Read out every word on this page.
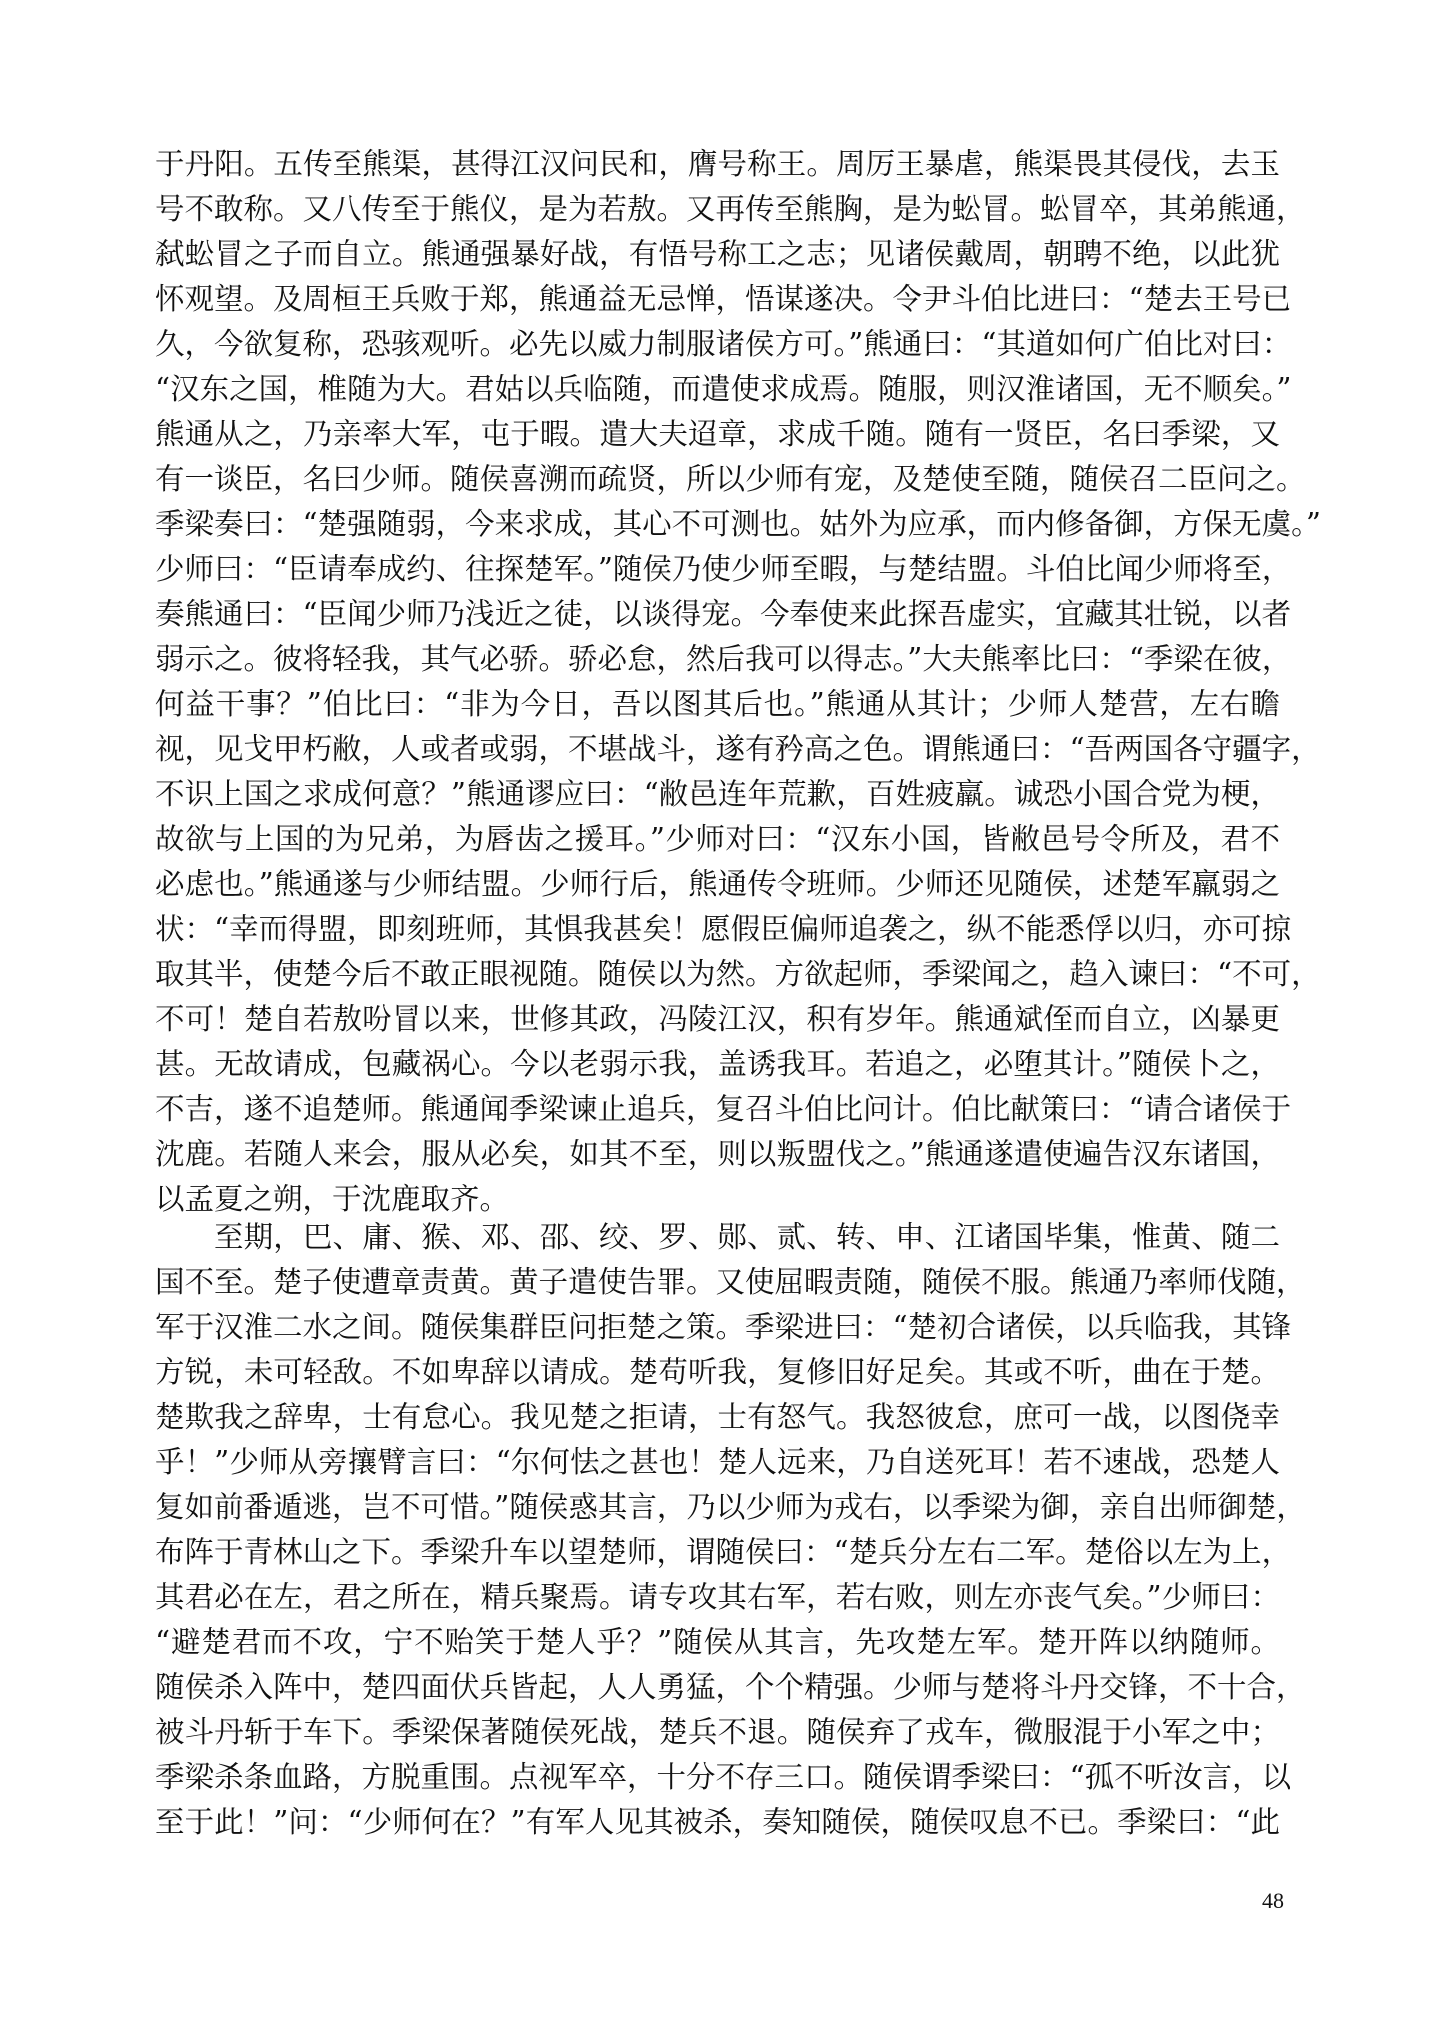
于丹阳。五传至熊渠，甚得江汉问民和，膺号称王。周厉王暴虐，熊渠畏其侵伐，去玉
号不敢称。又八传至于熊仪，是为若敖。又再传至熊胸，是为蚣冒。蚣冒卒，其弟熊通，
弑蚣冒之子而自立。熊通强暴好战，有悟号称工之志；见诸侯戴周，朝聘不绝，以此犹
怀观望。及周桓王兵败于郑，熊通益无忌惮，悟谋遂决。令尹斗伯比进曰：“楚去王号已
久，今欲复称，恐骇观听。必先以威力制服诸侯方可。”熊通曰：“其道如何广伯比对曰：
“汉东之国，椎随为大。君姑以兵临随，而遣使求成焉。随服，则汉淮诸国，无不顺矣。”
熊通从之，乃亲率大军，屯于暇。遣大夫迢章，求成千随。随有一贤臣，名曰季梁，又
有一谈臣，名曰少师。随侯喜溯而疏贤，所以少师有宠，及楚使至随，随侯召二臣问之。
季梁奏曰：“楚强随弱，今来求成，其心不可测也。姑外为应承，而内修备御，方保无虞。”
少师曰：“臣请奉成约、往探楚军。”随侯乃使少师至暇，与楚结盟。斗伯比闻少师将至，
奏熊通曰：“臣闻少师乃浅近之徒，以谈得宠。今奉使来此探吾虚实，宜藏其壮锐，以者
弱示之。彼将轻我，其气必骄。骄必怠，然后我可以得志。”大夫熊率比曰：“季梁在彼，
何益干事？”伯比曰：“非为今日，吾以图其后也。”熊通从其计；少师人楚营，左右瞻
视，见戈甲朽敝，人或者或弱，不堪战斗，遂有矜高之色。谓熊通曰：“吾两国各守疆字，
不识上国之求成何意？”熊通谬应曰：“敝邑连年荒歉，百姓疲羸。诚恐小国合党为梗，
故欲与上国的为兄弟，为唇齿之援耳。”少师对曰：“汉东小国，皆敝邑号令所及，君不
必虑也。”熊通遂与少师结盟。少师行后，熊通传令班师。少师还见随侯，述楚军羸弱之
状：“幸而得盟，即刻班师，其惧我甚矣！愿假臣偏师追袭之，纵不能悉俘以归，亦可掠
取其半，使楚今后不敢正眼视随。随侯以为然。方欲起师，季梁闻之，趋入谏曰：“不可，
不可！楚自若敖吩冒以来，世修其政，冯陵江汉，积有岁年。熊通斌侄而自立，凶暴更
甚。无故请成，包藏祸心。今以老弱示我，盖诱我耳。若追之，必堕其计。”随侯卜之，
不吉，遂不追楚师。熊通闻季梁谏止追兵，复召斗伯比问计。伯比献策曰：“请合诸侯于
沈鹿。若随人来会，服从必矣，如其不至，则以叛盟伐之。”熊通遂遣使遍告汉东诸国，
以孟夏之朔，于沈鹿取齐。
至期，巴、庸、猴、邓、邵、绞、罗、郧、贰、转、申、江诸国毕集，惟黄、随二
国不至。楚子使遭章责黄。黄子遣使告罪。又使屈暇责随，随侯不服。熊通乃率师伐随，
军于汉淮二水之间。随侯集群臣问拒楚之策。季梁进曰：“楚初合诸侯，以兵临我，其锋
方锐，未可轻敌。不如卑辞以请成。楚苟听我，复修旧好足矣。其或不听，曲在于楚。
楚欺我之辞卑，士有怠心。我见楚之拒请，士有怒气。我怒彼怠，庶可一战，以图侥幸
乎！”少师从旁攘臂言曰：“尔何怯之甚也！楚人远来，乃自送死耳！若不速战，恐楚人
复如前番遁逃，岂不可惜。”随侯惑其言，乃以少师为戎右，以季梁为御，亲自出师御楚，
布阵于青林山之下。季梁升车以望楚师，谓随侯曰：“楚兵分左右二军。楚俗以左为上，
其君必在左，君之所在，精兵聚焉。请专攻其右军，若右败，则左亦丧气矣。”少师曰：
“避楚君而不攻，宁不贻笑于楚人乎？”随侯从其言，先攻楚左军。楚开阵以纳随师。
随侯杀入阵中，楚四面伏兵皆起，人人勇猛，个个精强。少师与楚将斗丹交锋，不十合，
被斗丹斩于车下。季梁保著随侯死战，楚兵不退。随侯弃了戎车，微服混于小军之中；
季梁杀条血路，方脱重围。点视军卒，十分不存三口。随侯谓季梁曰：“孤不听汝言，以
至于此！”问：“少师何在？”有军人见其被杀，奏知随侯，随侯叹息不已。季梁曰：“此
48
